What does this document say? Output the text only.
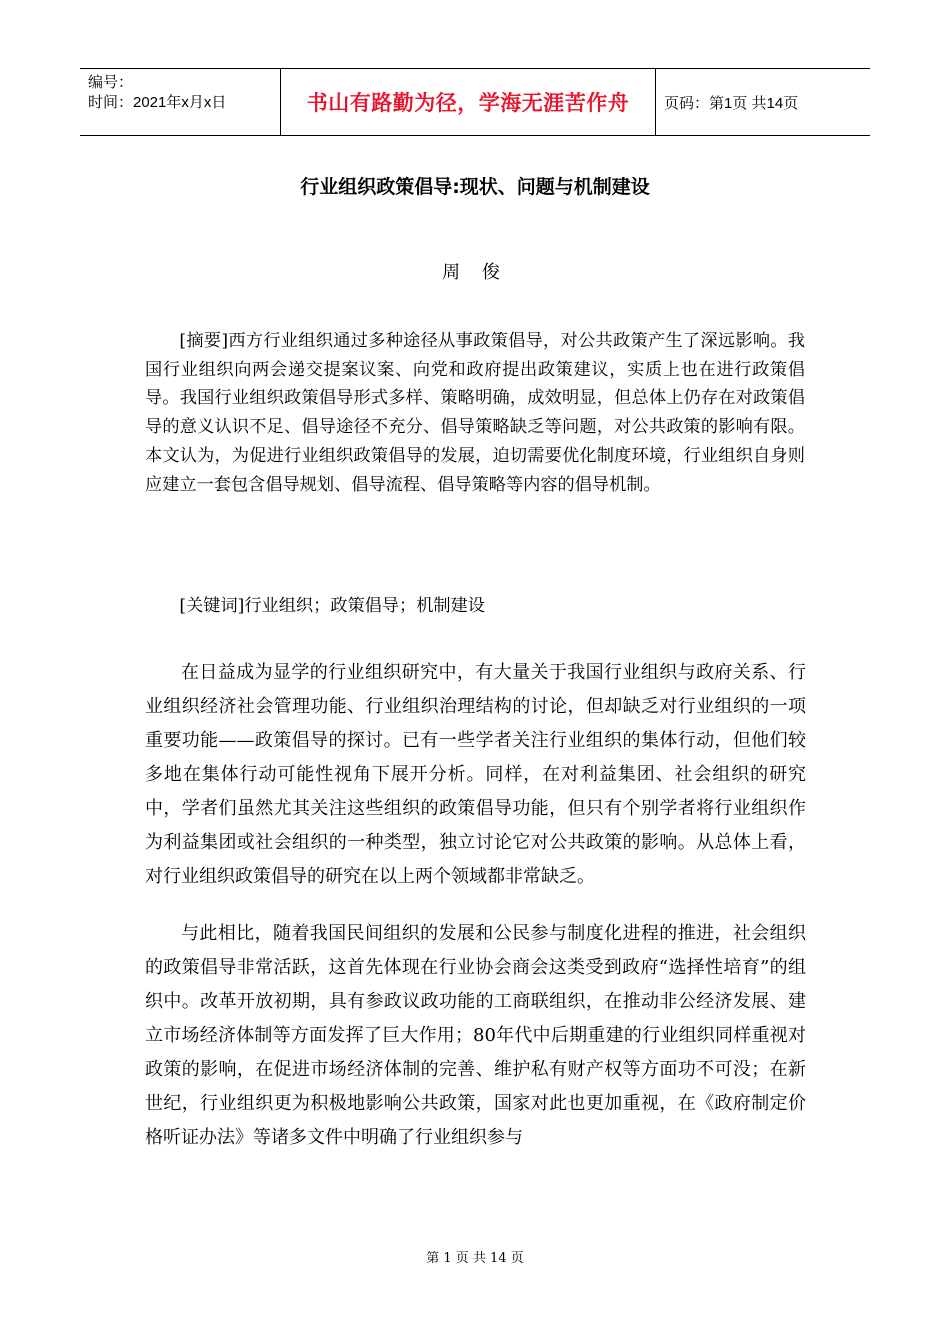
编号：
时间：2021年x月x日	书山有路勤为径，学海无涯苦作舟	页码：第1页 共14页
行业组织政策倡导:现状、问题与机制建设
周 俊

[摘要]西方行业组织通过多种途径从事政策倡导，对公共政策产生了深远影响。我国行业组织向两会递交提案议案、向党和政府提出政策建议，实质上也在进行政策倡导。我国行业组织政策倡导形式多样、策略明确，成效明显，但总体上仍存在对政策倡导的意义认识不足、倡导途径不充分、倡导策略缺乏等问题，对公共政策的影响有限。本文认为，为促进行业组织政策倡导的发展，迫切需要优化制度环境，行业组织自身则应建立一套包含倡导规划、倡导流程、倡导策略等内容的倡导机制。

[关键词]行业组织；政策倡导；机制建设

在日益成为显学的行业组织研究中，有大量关于我国行业组织与政府关系、行业组织经济社会管理功能、行业组织治理结构的讨论，但却缺乏对行业组织的一项重要功能——政策倡导的探讨。已有一些学者关注行业组织的集体行动，但他们较多地在集体行动可能性视角下展开分析。同样，在对利益集团、社会组织的研究中，学者们虽然尤其关注这些组织的政策倡导功能，但只有个别学者将行业组织作为利益集团或社会组织的一种类型，独立讨论它对公共政策的影响。从总体上看，对行业组织政策倡导的研究在以上两个领域都非常缺乏。

与此相比，随着我国民间组织的发展和公民参与制度化进程的推进，社会组织的政策倡导非常活跃，这首先体现在行业协会商会这类受到政府“选择性培育”的组织中。改革开放初期，具有参政议政功能的工商联组织，在推动非公经济发展、建立市场经济体制等方面发挥了巨大作用；80年代中后期重建的行业组织同样重视对政策的影响，在促进市场经济体制的完善、维护私有财产权等方面功不可没；在新世纪，行业组织更为积极地影响公共政策，国家对此也更加重视，在《政府制定价格听证办法》等诸多文件中明确了行业组织参与

第 1 页 共 14 页
